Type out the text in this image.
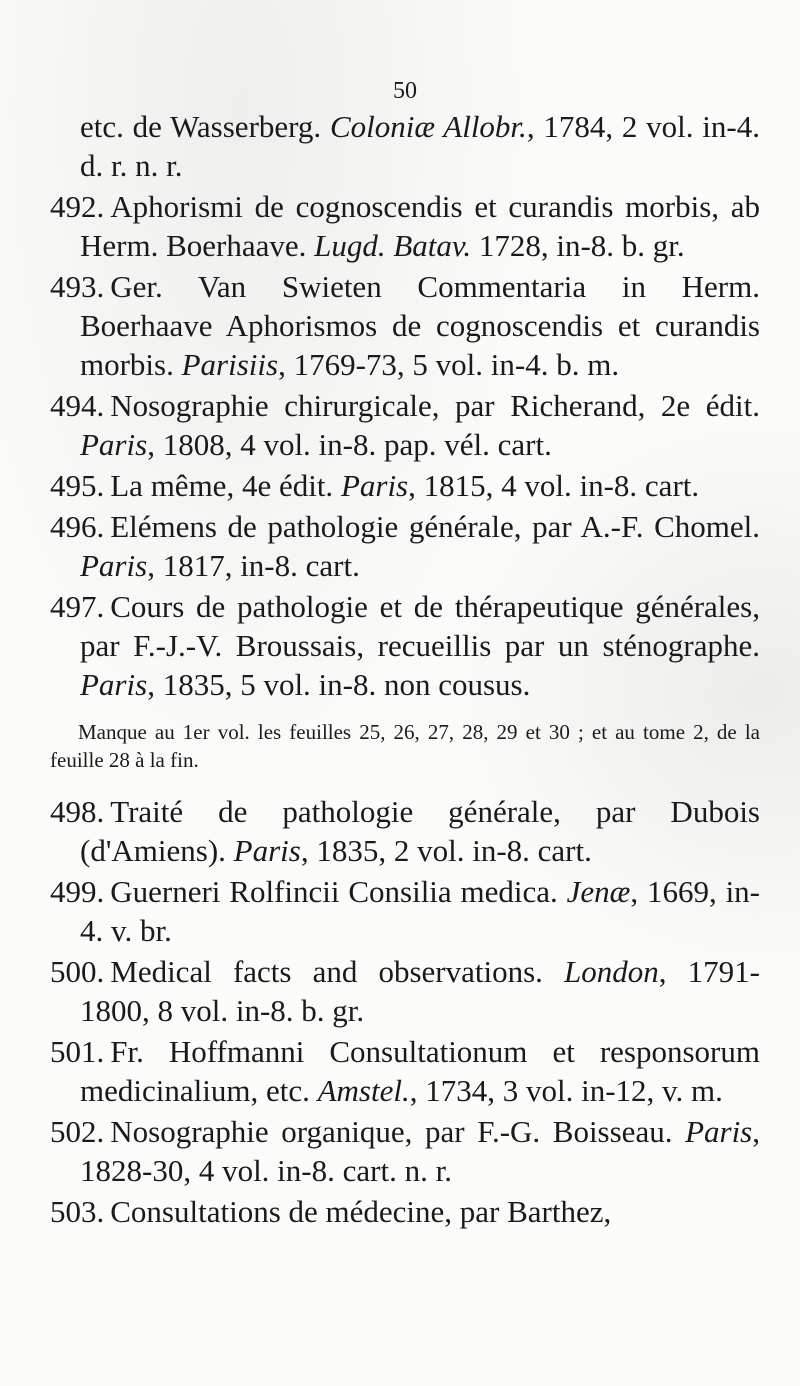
50

etc. de Wasserberg. Coloniæ Allobr., 1784, 2 vol. in-4. d. r. n. r.

492. Aphorismi de cognoscendis et curandis morbis, ab Herm. Boerhaave. Lugd. Batav. 1728, in-8. b. gr.

493. Ger. Van Swieten Commentaria in Herm. Boerhaave Aphorismos de cognoscendis et curandis morbis. Parisiis, 1769-73, 5 vol. in-4. b. m.

494. Nosographie chirurgicale, par Richerand, 2e édit. Paris, 1808, 4 vol. in-8. pap. vél. cart.

495. La même, 4e édit. Paris, 1815, 4 vol. in-8. cart.

496. Elémens de pathologie générale, par A.-F. Chomel. Paris, 1817, in-8. cart.

497. Cours de pathologie et de thérapeutique générales, par F.-J.-V. Broussais, recueillis par un sténographe. Paris, 1835, 5 vol. in-8. non cousus.

Manque au 1er vol. les feuilles 25, 26, 27, 28, 29 et 30 ; et au tome 2, de la feuille 28 à la fin.

498. Traité de pathologie générale, par Dubois (d'Amiens). Paris, 1835, 2 vol. in-8. cart.

499. Guerneri Rolfincii Consilia medica. Jenæ, 1669, in-4. v. br.

500. Medical facts and observations. London, 1791-1800, 8 vol. in-8. b. gr.

501. Fr. Hoffmanni Consultationum et responsorum medicinalium, etc. Amstel., 1734, 3 vol. in-12, v. m.

502. Nosographie organique, par F.-G. Boisseau. Paris, 1828-30, 4 vol. in-8. cart. n. r.

503. Consultations de médecine, par Barthez,
